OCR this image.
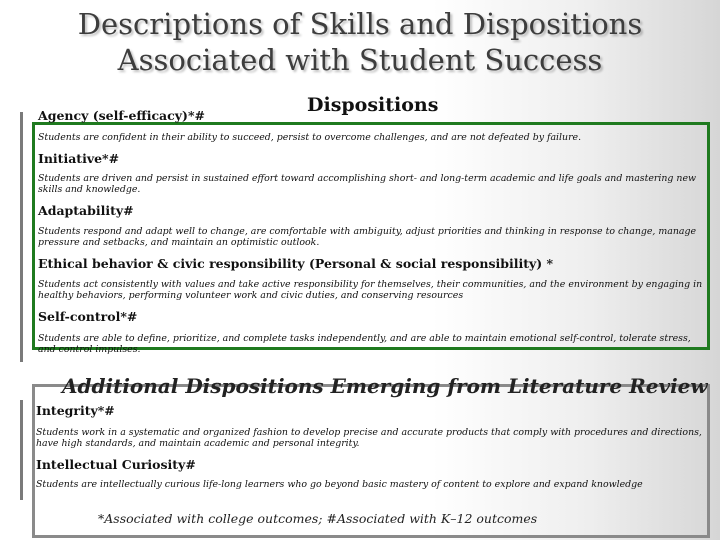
Descriptions of Skills and Dispositions
Associated with Student Success
Dispositions
Agency (self-efficacy)*#
Students are confident in their ability to succeed, persist to overcome challenges, and are not defeated by failure.
Initiative*#
Students are driven and persist in sustained effort toward accomplishing short- and long-term academic and life goals and mastering new skills and knowledge.
Adaptability#
Students respond and adapt well to change, are comfortable with ambiguity, adjust priorities and thinking in response to change, manage pressure and setbacks, and maintain an optimistic outlook.
Ethical behavior & civic responsibility (Personal & social responsibility) *
Students act consistently with values and take active responsibility for themselves, their communities, and the environment by engaging in healthy behaviors, performing volunteer work and civic duties, and conserving resources
Self-control*#
Students are able to define, prioritize, and complete tasks independently, and are able to maintain emotional self-control, tolerate stress, and control impulses.
Additional Dispositions Emerging from Literature Review
Integrity*#
Students work in a systematic and organized fashion to develop precise and accurate products that comply with procedures and directions, have high standards, and maintain academic and personal integrity.
Intellectual Curiosity#
Students are intellectually curious life-long learners who go beyond basic mastery of content to explore and expand knowledge
*Associated with college outcomes; #Associated with K–12 outcomes
